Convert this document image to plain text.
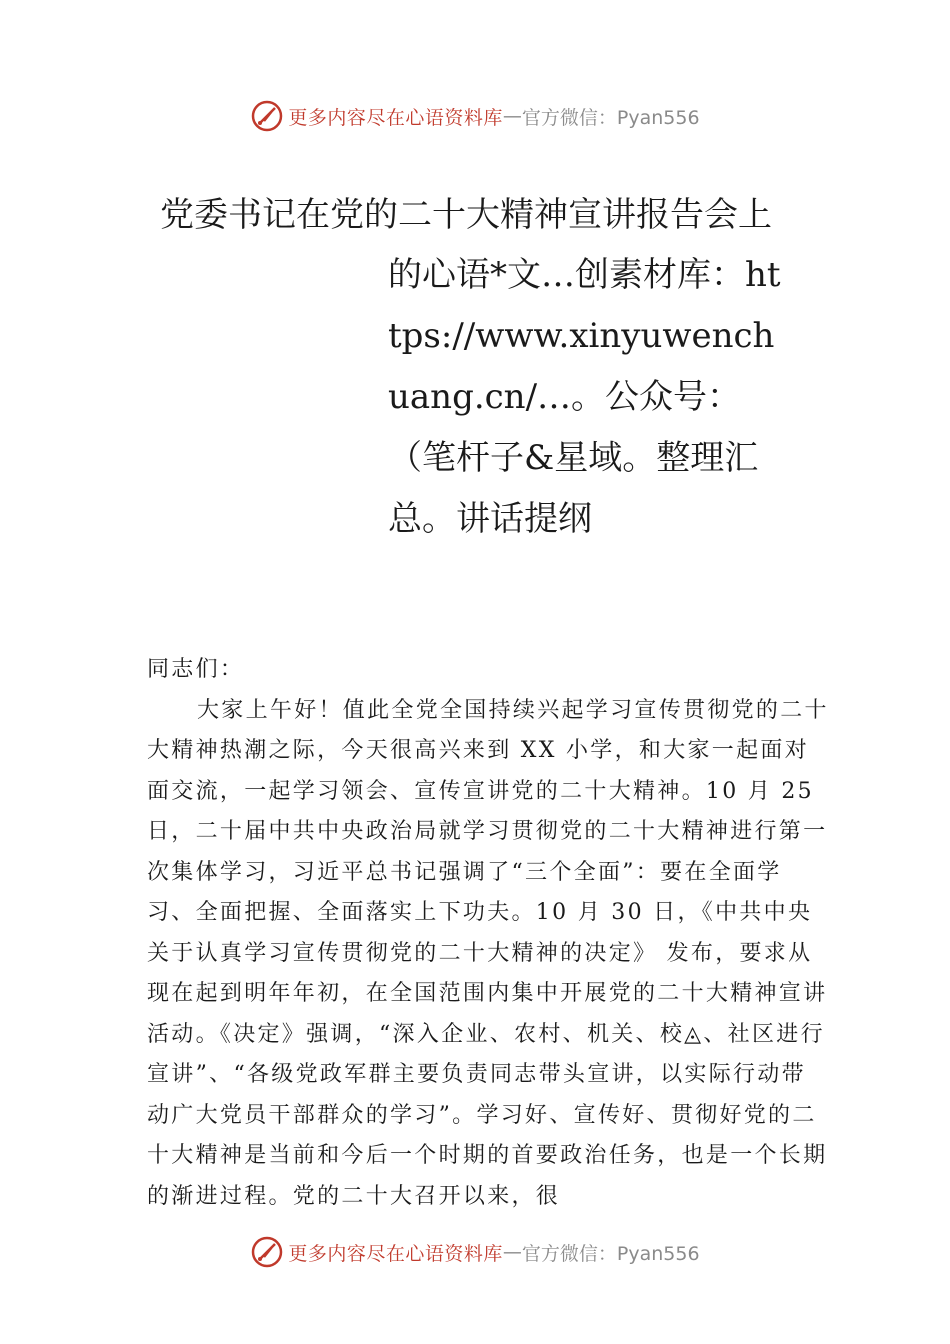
更多内容尽在心语资料库 — 官方微信：Pyan556
党委书记在党的二十大精神宣讲报告会上
的心语*文…创素材库：https://www.xinyuwenchuang.cn/…。公众号：（笔杆子&星域。整理汇总。讲话提纲

同志们：

大家上午好！值此全党全国持续兴起学习宣传贯彻党的二十大精神热潮之际，今天很高兴来到 XX 小学，和大家一起面对面交流，一起学习领会、宣传宣讲党的二十大精神。10 月 25 日，二十届中共中央政治局就学习贯彻党的二十大精神进行第一次集体学习，习近平总书记强调了“三个全面”：要在全面学习、全面把握、全面落实上下功夫。10 月 30 日，《中共中央关于认真学习宣传贯彻党的二十大精神的决定》 发布，要求从现在起到明年年初，在全国范围内集中开展党的二十大精神宣讲活动。《决定》强调，“深入企业、农村、机关、校◬、社区进行宣讲”、“各级党政军群主要负责同志带头宣讲，以实际行动带动广大党员干部群众的学习”。学习好、宣传好、贯彻好党的二十大精神是当前和今后一个时期的首要政治任务，也是一个长期的渐进过程。党的二十大召开以来，很

更多内容尽在心语资料库 — 官方微信：Pyan556
